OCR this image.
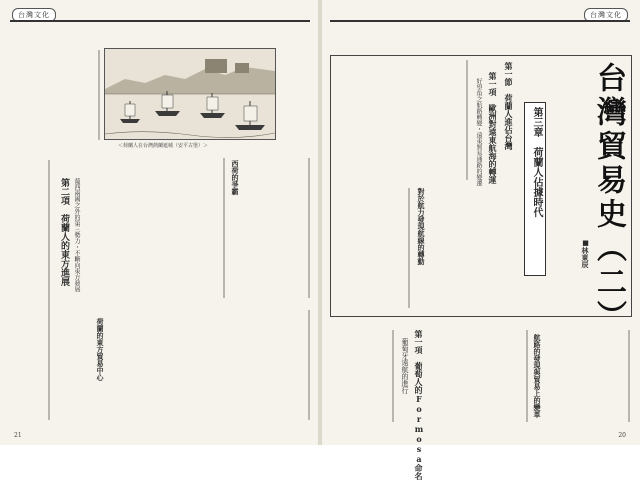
台灣文化
＜荷蘭人在台灣熱蘭遮城（安平古堡）＞
西荷的爭霸
第二項　荷蘭人的東方進展 葡西兩國之外的第三勢力・不斷向東方發展
荷蘭的東方貿易中心
21
台灣文化
台灣貿易史（二）
■林東辰
第三章　荷蘭人佔據時代
第一節　荷蘭人進佔台灣
第一項　歐洲對遠東航海的轉運
好望角之航路轉變・遠東貿易通路的變遷
對於航力發現航線的轉動
航路的發現與貿易上的變革
第一項　葡萄人的Formosa命名
葡萄牙遠航的進行
20
